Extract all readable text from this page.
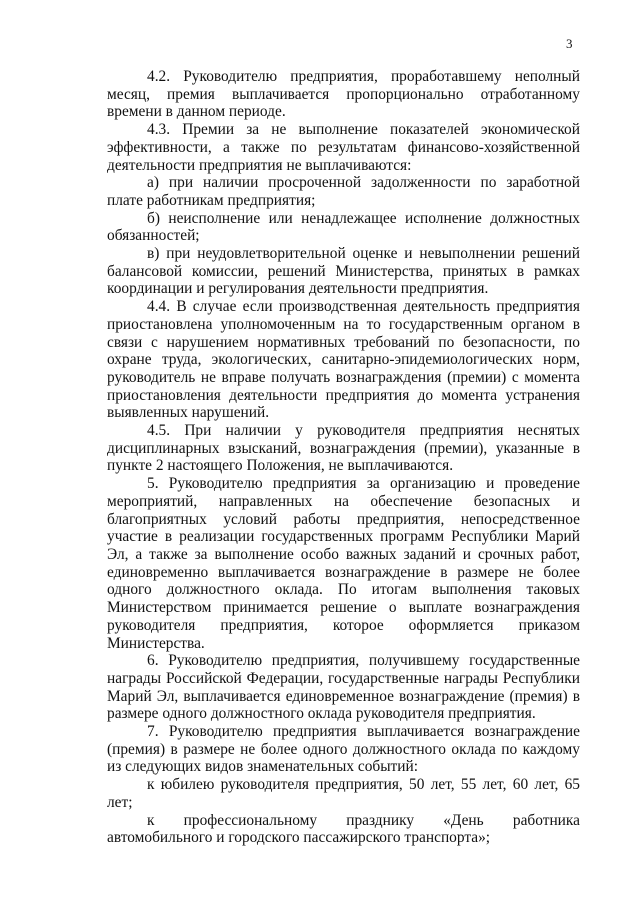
3

4.2. Руководителю предприятия, проработавшему неполный месяц, премия выплачивается пропорционально отработанному времени в данном периоде.

4.3. Премии за не выполнение показателей экономической эффективности, а также по результатам финансово-хозяйственной деятельности предприятия не выплачиваются:

а) при наличии просроченной задолженности по заработной плате работникам предприятия;

б) неисполнение или ненадлежащее исполнение должностных обязанностей;

в) при неудовлетворительной оценке и невыполнении решений балансовой комиссии, решений Министерства, принятых в рамках координации и регулирования деятельности предприятия.

4.4. В случае если производственная деятельность предприятия приостановлена уполномоченным на то государственным органом в связи с нарушением нормативных требований по безопасности, по охране труда, экологических, санитарно-эпидемиологических норм, руководитель не вправе получать вознаграждения (премии) с момента приостановления деятельности предприятия до момента устранения выявленных нарушений.

4.5. При наличии у руководителя предприятия неснятых дисциплинарных взысканий, вознаграждения (премии), указанные в пункте 2 настоящего Положения, не выплачиваются.

5. Руководителю предприятия за организацию и проведение мероприятий, направленных на обеспечение безопасных и благоприятных условий работы предприятия, непосредственное участие в реализации государственных программ Республики Марий Эл, а также за выполнение особо важных заданий и срочных работ, единовременно выплачивается вознаграждение в размере не более одного должностного оклада. По итогам выполнения таковых Министерством принимается решение о выплате вознаграждения руководителя предприятия, которое оформляется приказом Министерства.

6. Руководителю предприятия, получившему государственные награды Российской Федерации, государственные награды Республики Марий Эл, выплачивается единовременное вознаграждение (премия) в размере одного должностного оклада руководителя предприятия.

7. Руководителю предприятия выплачивается вознаграждение (премия) в размере не более одного должностного оклада по каждому из следующих видов знаменательных событий:

к юбилею руководителя предприятия, 50 лет, 55 лет, 60 лет, 65 лет;

к профессиональному празднику «День работника автомобильного и городского пассажирского транспорта»;
